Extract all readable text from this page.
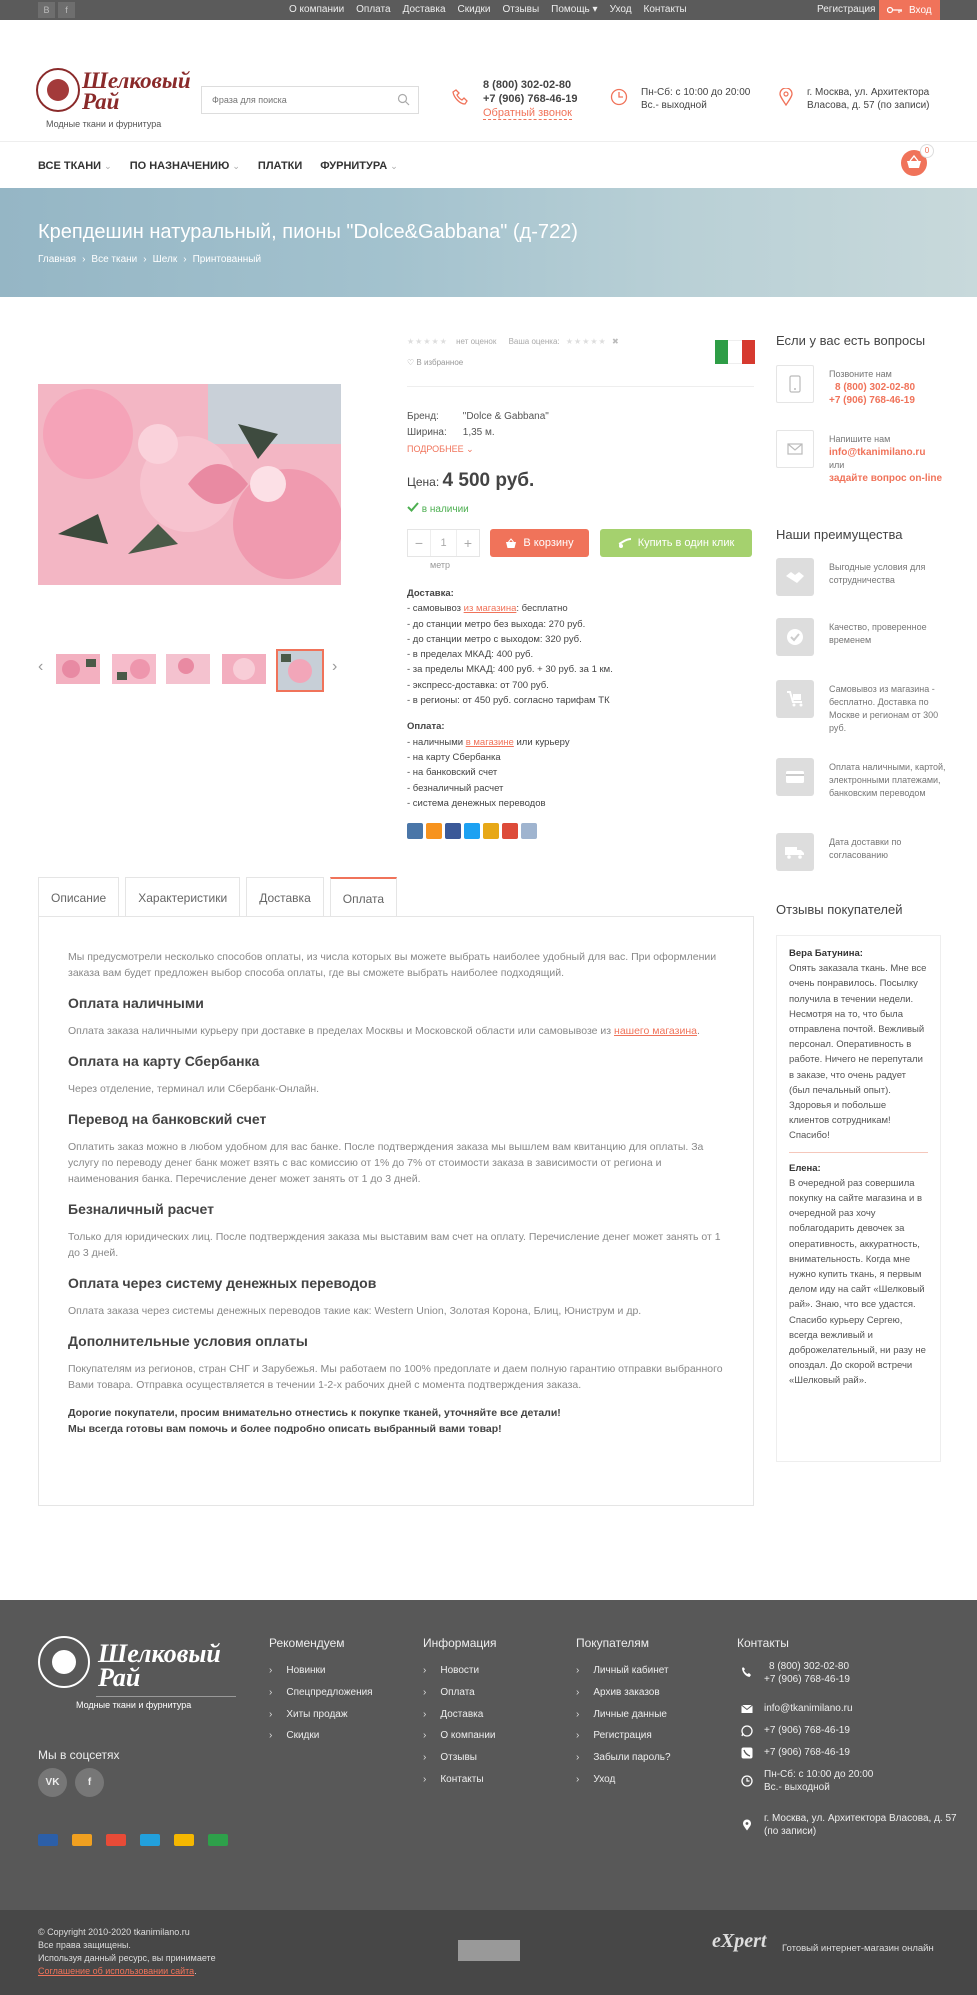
В	f	О компании Оплата Доставка Скидки Отзывы Помощь ▾ Уход Контакты	Регистрация	Вход
Шелковый Рай
Модные ткани и фурнитура
Фраза для поиска
8 (800) 302-02-80
+7 (906) 768-46-19
Обратный звонок
Пн-Сб: с 10:00 до 20:00
Вс.- выходной
г. Москва, ул. Архитектора Власова, д. 57 (по записи)
ВСЕ ТКАНИ ⌄ ПО НАЗНАЧЕНИЮ ⌄ ПЛАТКИ ФУРНИТУРА ⌄
0
Крепдешин натуральный, пионы "Dolce&Gabbana" (д-722)
Главная › Все ткани › Шелк › Принтованный
‹	›
★★★★★ нет оценок Ваша оценка: ★★★★★ ✖
♡ В избранное
Бренд: "Dolce & Gabbana"
Ширина: 1,35 м.
ПОДРОБНЕЕ ⌄
Цена: 4 500 руб.
в наличии
−	1	+
метр
В корзину	Купить в один клик
Доставка:
- самовывоз из магазина: бесплатно
- до станции метро без выхода: 270 руб.
- до станции метро с выходом: 320 руб.
- в пределах МКАД: 400 руб.
- за пределы МКАД: 400 руб. + 30 руб. за 1 км.
- экспресс-доставка: от 700 руб.
- в регионы: от 450 руб. согласно тарифам ТК
Оплата:
- наличными в магазине или курьеру
- на карту Сбербанка
- на банковский счет
- безналичный расчет
- система денежных переводов
Описание	Характеристики	Доставка	Оплата

Мы предусмотрели несколько способов оплаты, из числа которых вы можете выбрать наиболее удобный для вас. При оформлении заказа вам будет предложен выбор способа оплаты, где вы сможете выбрать наиболее подходящий.

Оплата наличными

Оплата заказа наличными курьеру при доставке в пределах Москвы и Московской области или самовывозе из нашего магазина.

Оплата на карту Сбербанка

Через отделение, терминал или Сбербанк-Онлайн.

Перевод на банковский счет

Оплатить заказ можно в любом удобном для вас банке. После подтверждения заказа мы вышлем вам квитанцию для оплаты. За услугу по переводу денег банк может взять с вас комиссию от 1% до 7% от стоимости заказа в зависимости от региона и наименования банка. Перечисление денег может занять от 1 до 3 дней.

Безналичный расчет

Только для юридических лиц. После подтверждения заказа мы выставим вам счет на оплату. Перечисление денег может занять от 1 до 3 дней.

Оплата через систему денежных переводов

Оплата заказа через системы денежных переводов такие как: Western Union, Золотая Корона, Блиц, Юниструм и др.

Дополнительные условия оплаты

Покупателям из регионов, стран СНГ и Зарубежья. Мы работаем по 100% предоплате и даем полную гарантию отправки выбранного Вами товара. Отправка осуществляется в течении 1-2-х рабочих дней с момента подтверждения заказа.

Дорогие покупатели, просим внимательно отнестись к покупке тканей, уточняйте все детали!

Мы всегда готовы вам помочь и более подробно описать выбранный вами товар!

Если у вас есть вопросы
Позвоните нам
8 (800) 302-02-80
+7 (906) 768-46-19
Напишите нам
info@tkanimilano.ru
или
задайте вопрос on-line
Наши преимущества
Выгодные условия для сотрудничества
Качество, проверенное временем
Самовывоз из магазина - бесплатно. Доставка по Москве и регионам от 300 руб.
Оплата наличными, картой, электронными платежами, банковским переводом
Дата доставки по согласованию
Отзывы покупателей
Вера Батунина:
Опять заказала ткань. Мне все очень понравилось. Посылку получила в течении недели. Несмотря на то, что была отправлена почтой. Вежливый персонал. Оперативность в работе. Ничего не перепутали в заказе, что очень радует (был печальный опыт). Здоровья и побольше клиентов сотрудникам! Спасибо!
Елена:
В очередной раз совершила покупку на сайте магазина и в очередной раз хочу поблагодарить девочек за оперативность, аккуратность, внимательность. Когда мне нужно купить ткань, я первым делом иду на сайт «Шелковый рай». Знаю, что все удастся. Спасибо курьеру Сергею, всегда вежливый и доброжелательный, ни разу не опоздал. До скорой встречи «Шелковый рай».
Шелковый Рай
Модные ткани и фурнитура
Мы в соцсетях
VK	f
Рекомендуем
› Новинки
› Спецпредложения
› Хиты продаж
› Скидки
Информация
› Новости
› Оплата
› Доставка
› О компании
› Отзывы
› Контакты
Покупателям
› Личный кабинет
› Архив заказов
› Личные данные
› Регистрация
› Забыли пароль?
› Уход
Контакты
8 (800) 302-02-80
+7 (906) 768-46-19
info@tkanimilano.ru
+7 (906) 768-46-19
+7 (906) 768-46-19
Пн-Сб: с 10:00 до 20:00
Вс.- выходной
г. Москва, ул. Архитектора Власова, д. 57 (по записи)
© Copyright 2010-2020 tkanimilano.ru
Все права защищены.
Используя данный ресурс, вы принимаете
Соглашение об использовании сайта.
eXpert Готовый интернет-магазин онлайн
